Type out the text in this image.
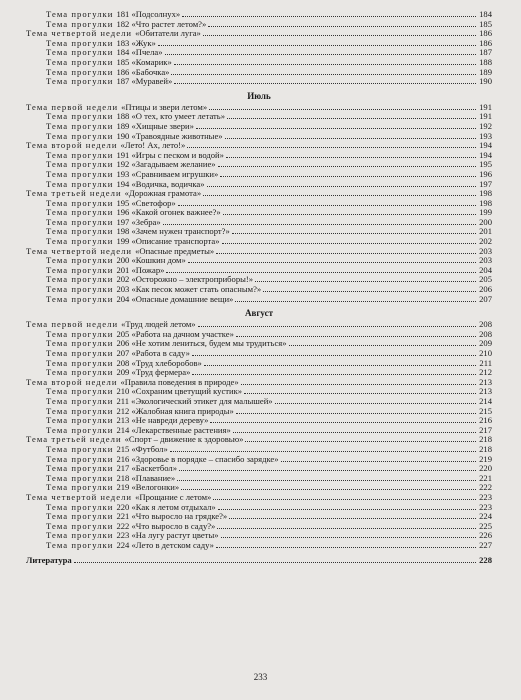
Тема прогулки 181 «Подсолнух»	184
Тема прогулки 182 «Что растет летом?»	185
Тема четвертой недели «Обитатели луга»	186
Тема прогулки 183 «Жук»	186
Тема прогулки 184 «Пчела»	187
Тема прогулки 185 «Комарик»	188
Тема прогулки 186 «Бабочка»	189
Тема прогулки 187 «Муравей»	190
Июль
Тема первой недели «Птицы и звери летом»	191
Тема прогулки 188 «О тех, кто умеет летать»	191
Тема прогулки 189 «Хищные звери»	192
Тема прогулки 190 «Травоядные животные»	193
Тема второй недели «Лето! Ах, лето!»	194
Тема прогулки 191 «Игры с песком и водой»	194
Тема прогулки 192 «Загадываем желание»	195
Тема прогулки 193 «Сравниваем игрушки»	196
Тема прогулки 194 «Водичка, водичка»	197
Тема третьей недели «Дорожная грамота»	198
Тема прогулки 195 «Светофор»	198
Тема прогулки 196 «Какой огонек важнее?»	199
Тема прогулки 197 «Зебра»	200
Тема прогулки 198 «Зачем нужен транспорт?»	201
Тема прогулки 199 «Описание транспорта»	202
Тема четвертой недели «Опасные предметы»	203
Тема прогулки 200 «Кошкин дом»	203
Тема прогулки 201 «Пожар»	204
Тема прогулки 202 «Осторожно – электроприборы!»	205
Тема прогулки 203 «Как песок может стать опасным?»	206
Тема прогулки 204 «Опасные домашние вещи»	207
Август
Тема первой недели «Труд людей летом»	208
Тема прогулки 205 «Работа на дачном участке»	208
Тема прогулки 206 «Не хотим лениться, будем мы трудиться»	209
Тема прогулки 207 «Работа в саду»	210
Тема прогулки 208 «Труд хлеборобов»	211
Тема прогулки 209 «Труд фермера»	212
Тема второй недели «Правила поведения в природе»	213
Тема прогулки 210 «Сохраним цветущий кустик»	213
Тема прогулки 211 «Экологический этикет для малышей»	214
Тема прогулки 212 «Жалобная книга природы»	215
Тема прогулки 213 «Не навреди дереву»	216
Тема прогулки 214 «Лекарственные растения»	217
Тема третьей недели «Спорт – движение к здоровью»	218
Тема прогулки 215 «Футбол»	218
Тема прогулки 216 «Здоровье в порядке – спасибо зарядке»	219
Тема прогулки 217 «Баскетбол»	220
Тема прогулки 218 «Плавание»	221
Тема прогулки 219 «Велогонки»	222
Тема четвертой недели «Прощание с летом»	223
Тема прогулки 220 «Как я летом отдыхал»	223
Тема прогулки 221 «Что выросло на грядке?»	224
Тема прогулки 222 «Что выросло в саду?»	225
Тема прогулки 223 «На лугу растут цветы»	226
Тема прогулки 224 «Лето в детском саду»	227
Литература	228
233
